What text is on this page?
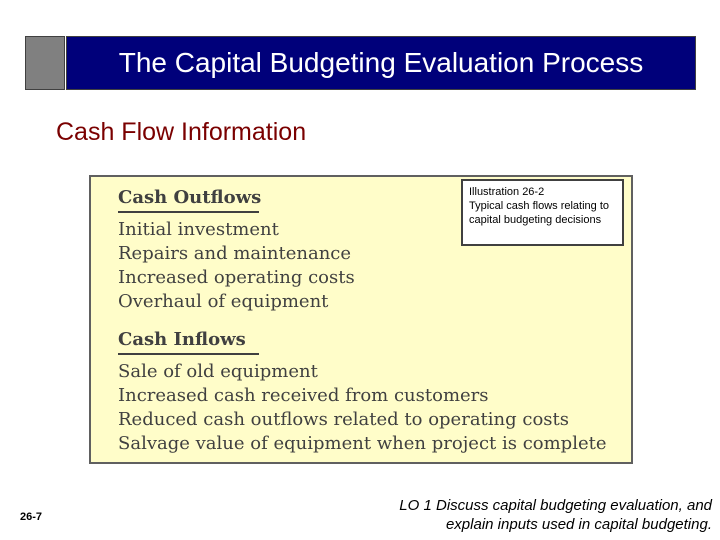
The Capital Budgeting Evaluation Process
Cash Flow Information
Cash Outflows
Initial investment
Repairs and maintenance
Increased operating costs
Overhaul of equipment
Cash Inflows
Sale of old equipment
Increased cash received from customers
Reduced cash outflows related to operating costs
Salvage value of equipment when project is complete
Illustration 26-2
Typical cash flows relating to capital budgeting decisions
26-7
LO 1 Discuss capital budgeting evaluation, and
explain inputs used in capital budgeting.
